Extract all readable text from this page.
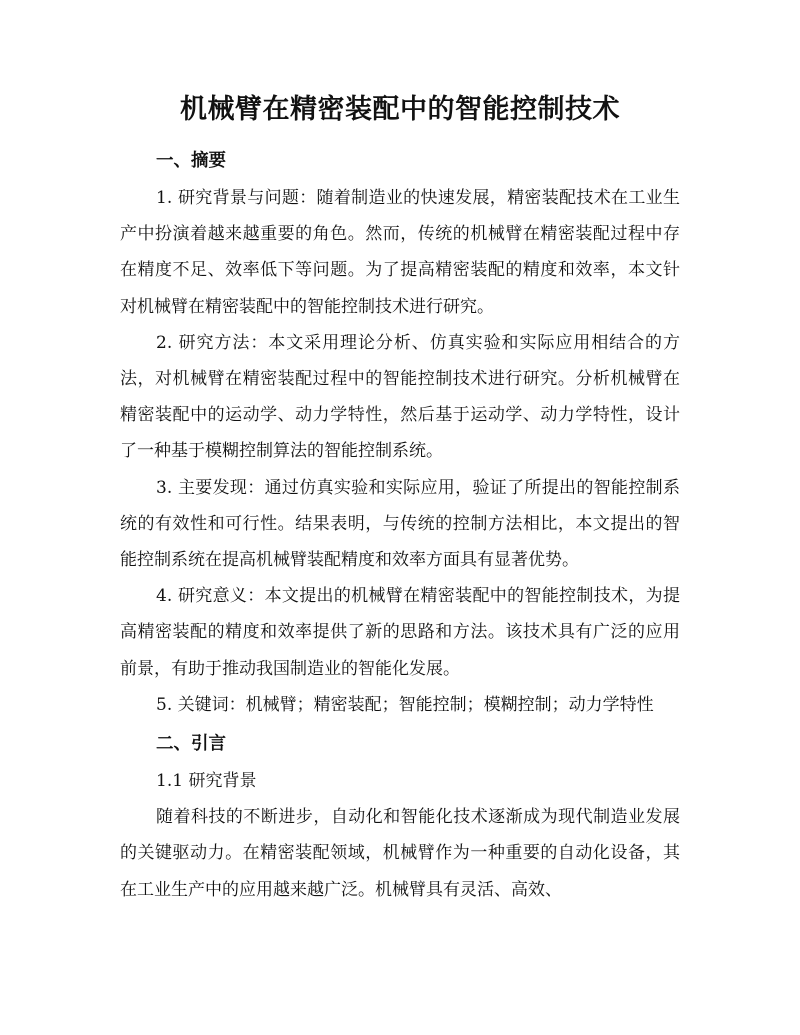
机械臂在精密装配中的智能控制技术
一、摘要

1. 研究背景与问题：随着制造业的快速发展，精密装配技术在工业生产中扮演着越来越重要的角色。然而，传统的机械臂在精密装配过程中存在精度不足、效率低下等问题。为了提高精密装配的精度和效率，本文针对机械臂在精密装配中的智能控制技术进行研究。

2. 研究方法：本文采用理论分析、仿真实验和实际应用相结合的方法，对机械臂在精密装配过程中的智能控制技术进行研究。分析机械臂在精密装配中的运动学、动力学特性，然后基于运动学、动力学特性，设计了一种基于模糊控制算法的智能控制系统。

3. 主要发现：通过仿真实验和实际应用，验证了所提出的智能控制系统的有效性和可行性。结果表明，与传统的控制方法相比，本文提出的智能控制系统在提高机械臂装配精度和效率方面具有显著优势。

4. 研究意义：本文提出的机械臂在精密装配中的智能控制技术，为提高精密装配的精度和效率提供了新的思路和方法。该技术具有广泛的应用前景，有助于推动我国制造业的智能化发展。

5. 关键词：机械臂；精密装配；智能控制；模糊控制；动力学特性

二、引言
1.1 研究背景

随着科技的不断进步，自动化和智能化技术逐渐成为现代制造业发展的关键驱动力。在精密装配领域，机械臂作为一种重要的自动化设备，其在工业生产中的应用越来越广泛。机械臂具有灵活、高效、
